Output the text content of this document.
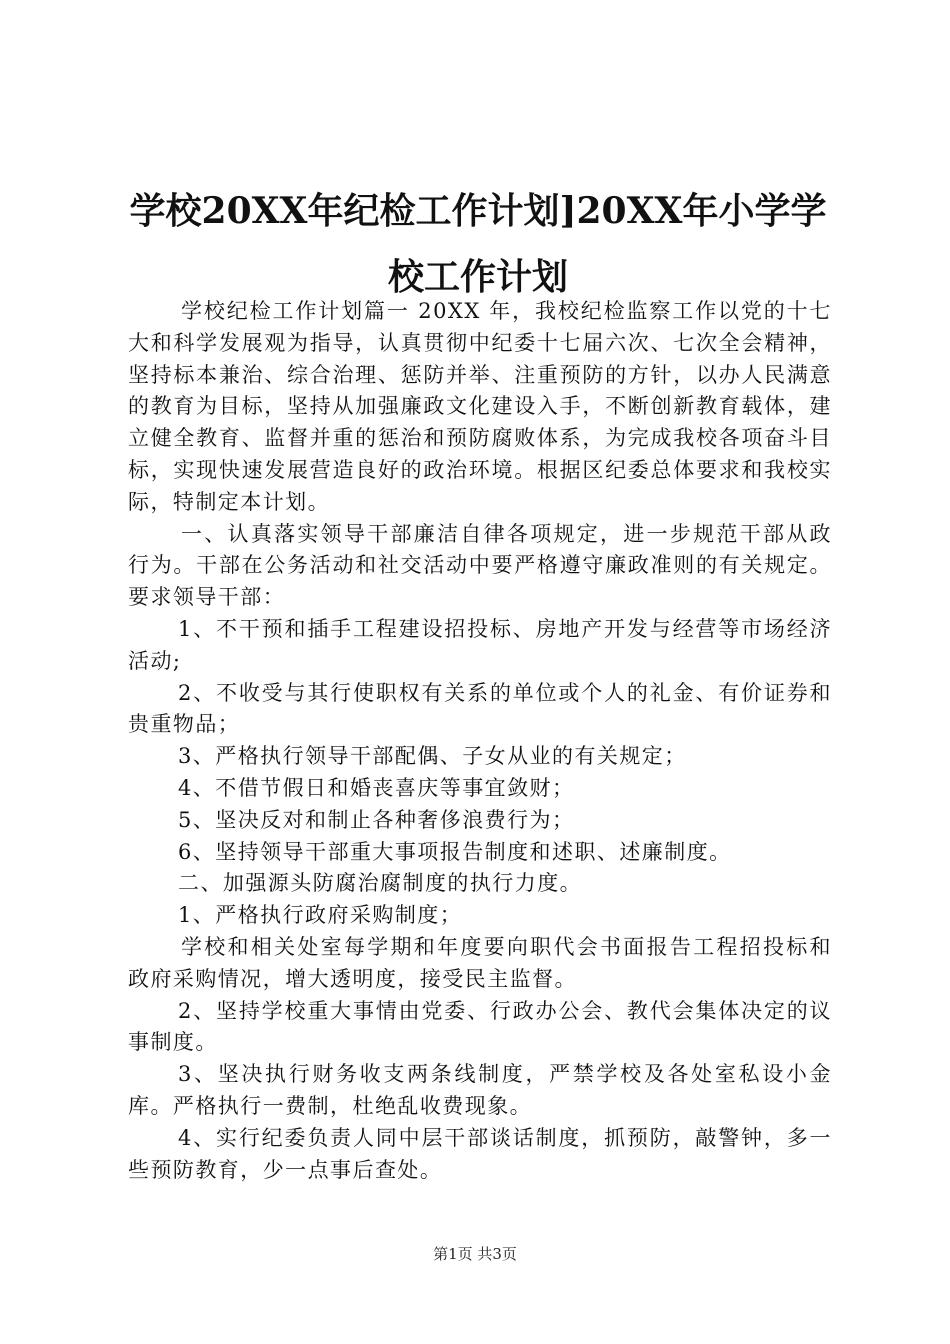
学校20XX年纪检工作计划]20XX年小学学校工作计划

学校纪检工作计划篇一 20XX 年，我校纪检监察工作以党的十七大和科学发展观为指导，认真贯彻中纪委十七届六次、七次全会精神，坚持标本兼治、综合治理、惩防并举、注重预防的方针，以办人民满意的教育为目标，坚持从加强廉政文化建设入手，不断创新教育载体，建立健全教育、监督并重的惩治和预防腐败体系，为完成我校各项奋斗目标，实现快速发展营造良好的政治环境。根据区纪委总体要求和我校实际，特制定本计划。

一、认真落实领导干部廉洁自律各项规定，进一步规范干部从政行为。干部在公务活动和社交活动中要严格遵守廉政准则的有关规定。要求领导干部：

1、不干预和插手工程建设招投标、房地产开发与经营等市场经济活动;

2、不收受与其行使职权有关系的单位或个人的礼金、有价证券和贵重物品；

3、严格执行领导干部配偶、子女从业的有关规定；

4、不借节假日和婚丧喜庆等事宜敛财；

5、坚决反对和制止各种奢侈浪费行为；

6、坚持领导干部重大事项报告制度和述职、述廉制度。

二、加强源头防腐治腐制度的执行力度。

1、严格执行政府采购制度；

学校和相关处室每学期和年度要向职代会书面报告工程招投标和政府采购情况，增大透明度，接受民主监督。

2、坚持学校重大事情由党委、行政办公会、教代会集体决定的议事制度。

3、坚决执行财务收支两条线制度，严禁学校及各处室私设小金库。严格执行一费制，杜绝乱收费现象。

4、实行纪委负责人同中层干部谈话制度，抓预防，敲警钟，多一些预防教育，少一点事后查处。

第1页 共3页
